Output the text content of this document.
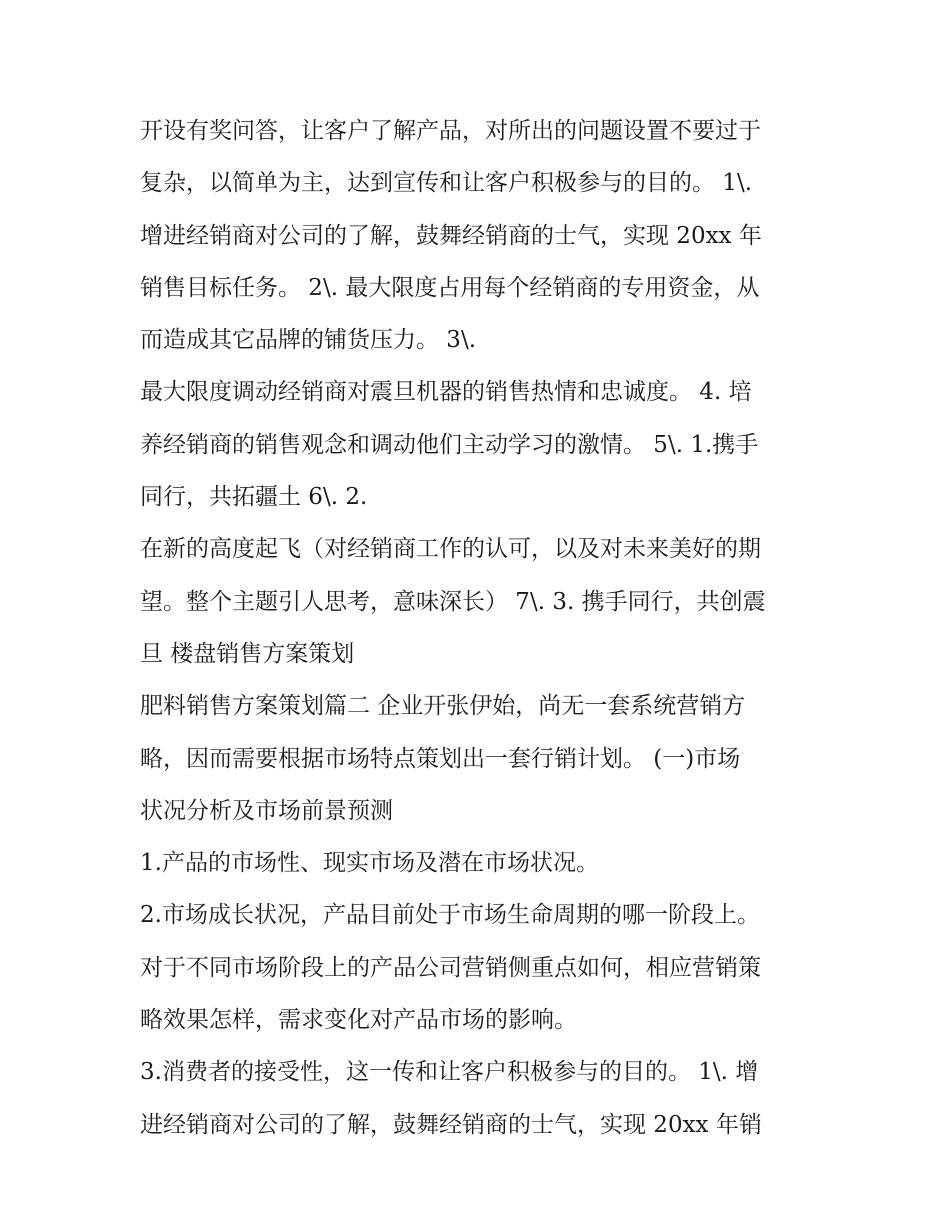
开设有奖问答，让客户了解产品，对所出的问题设置不要过于
复杂，以简单为主，达到宣传和让客户积极参与的目的。 1\.
增进经销商对公司的了解，鼓舞经销商的士气，实现 20xx 年
销售目标任务。 2\. 最大限度占用每个经销商的专用资金，从
而造成其它品牌的铺货压力。 3\.
最大限度调动经销商对震旦机器的销售热情和忠诚度。 4. 培
养经销商的销售观念和调动他们主动学习的激情。 5\. 1.携手
同行，共拓疆土 6\. 2.
在新的高度起飞（对经销商工作的认可，以及对未来美好的期
望。整个主题引人思考，意味深长） 7\. 3. 携手同行，共创震
旦 楼盘销售方案策划
肥料销售方案策划篇二 企业开张伊始，尚无一套系统营销方
略，因而需要根据市场特点策划出一套行销计划。 (一)市场
状况分析及市场前景预测
1.产品的市场性、现实市场及潜在市场状况。
2.市场成长状况，产品目前处于市场生命周期的哪一阶段上。
对于不同市场阶段上的产品公司营销侧重点如何，相应营销策
略效果怎样，需求变化对产品市场的影响。
3.消费者的接受性，这一传和让客户积极参与的目的。 1\. 增
进经销商对公司的了解，鼓舞经销商的士气，实现 20xx 年销
